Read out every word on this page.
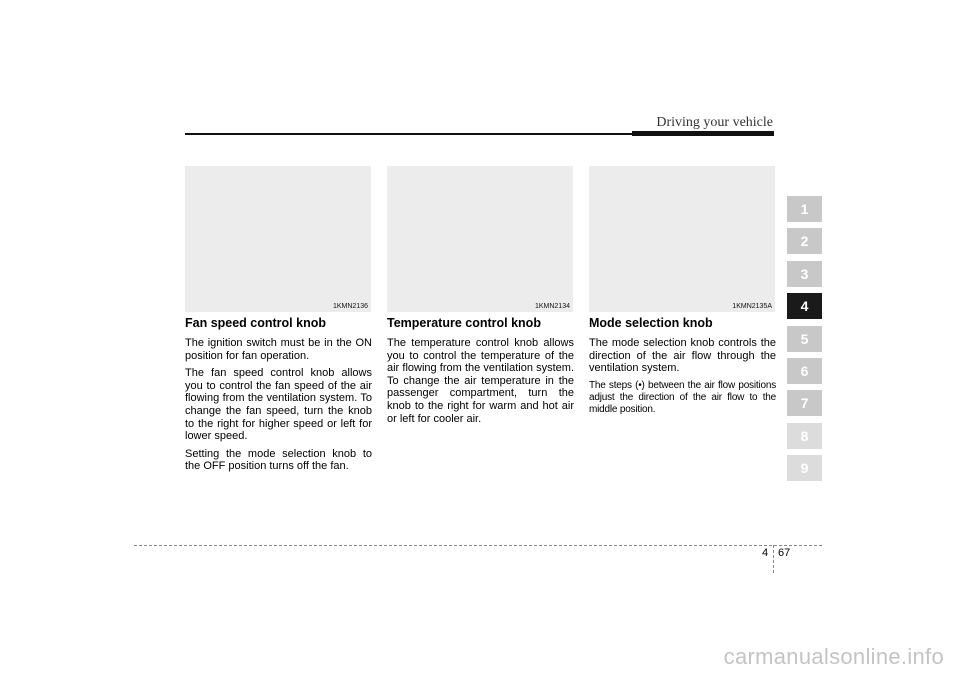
Driving your vehicle
1KMN2136
Fan speed control knob

The ignition switch must be in the ON position for fan operation.

The fan speed control knob allows you to control the fan speed of the air flowing from the ventilation system. To change the fan speed, turn the knob to the right for higher speed or left for lower speed.

Setting the mode selection knob to the OFF position turns off the fan.

1KMN2134
Temperature control knob

The temperature control knob allows you to control the temperature of the air flowing from the ventilation system. To change the air temperature in the passenger compartment, turn the knob to the right for warm and hot air or left for cooler air.

1KMN2135A
Mode selection knob

The mode selection knob controls the direction of the air flow through the ventilation system.

The steps (•) between the air flow positions adjust the direction of the air flow to the middle position.

1
2
3
4
5
6
7
8
9
4 67
carmanualsonline.info
